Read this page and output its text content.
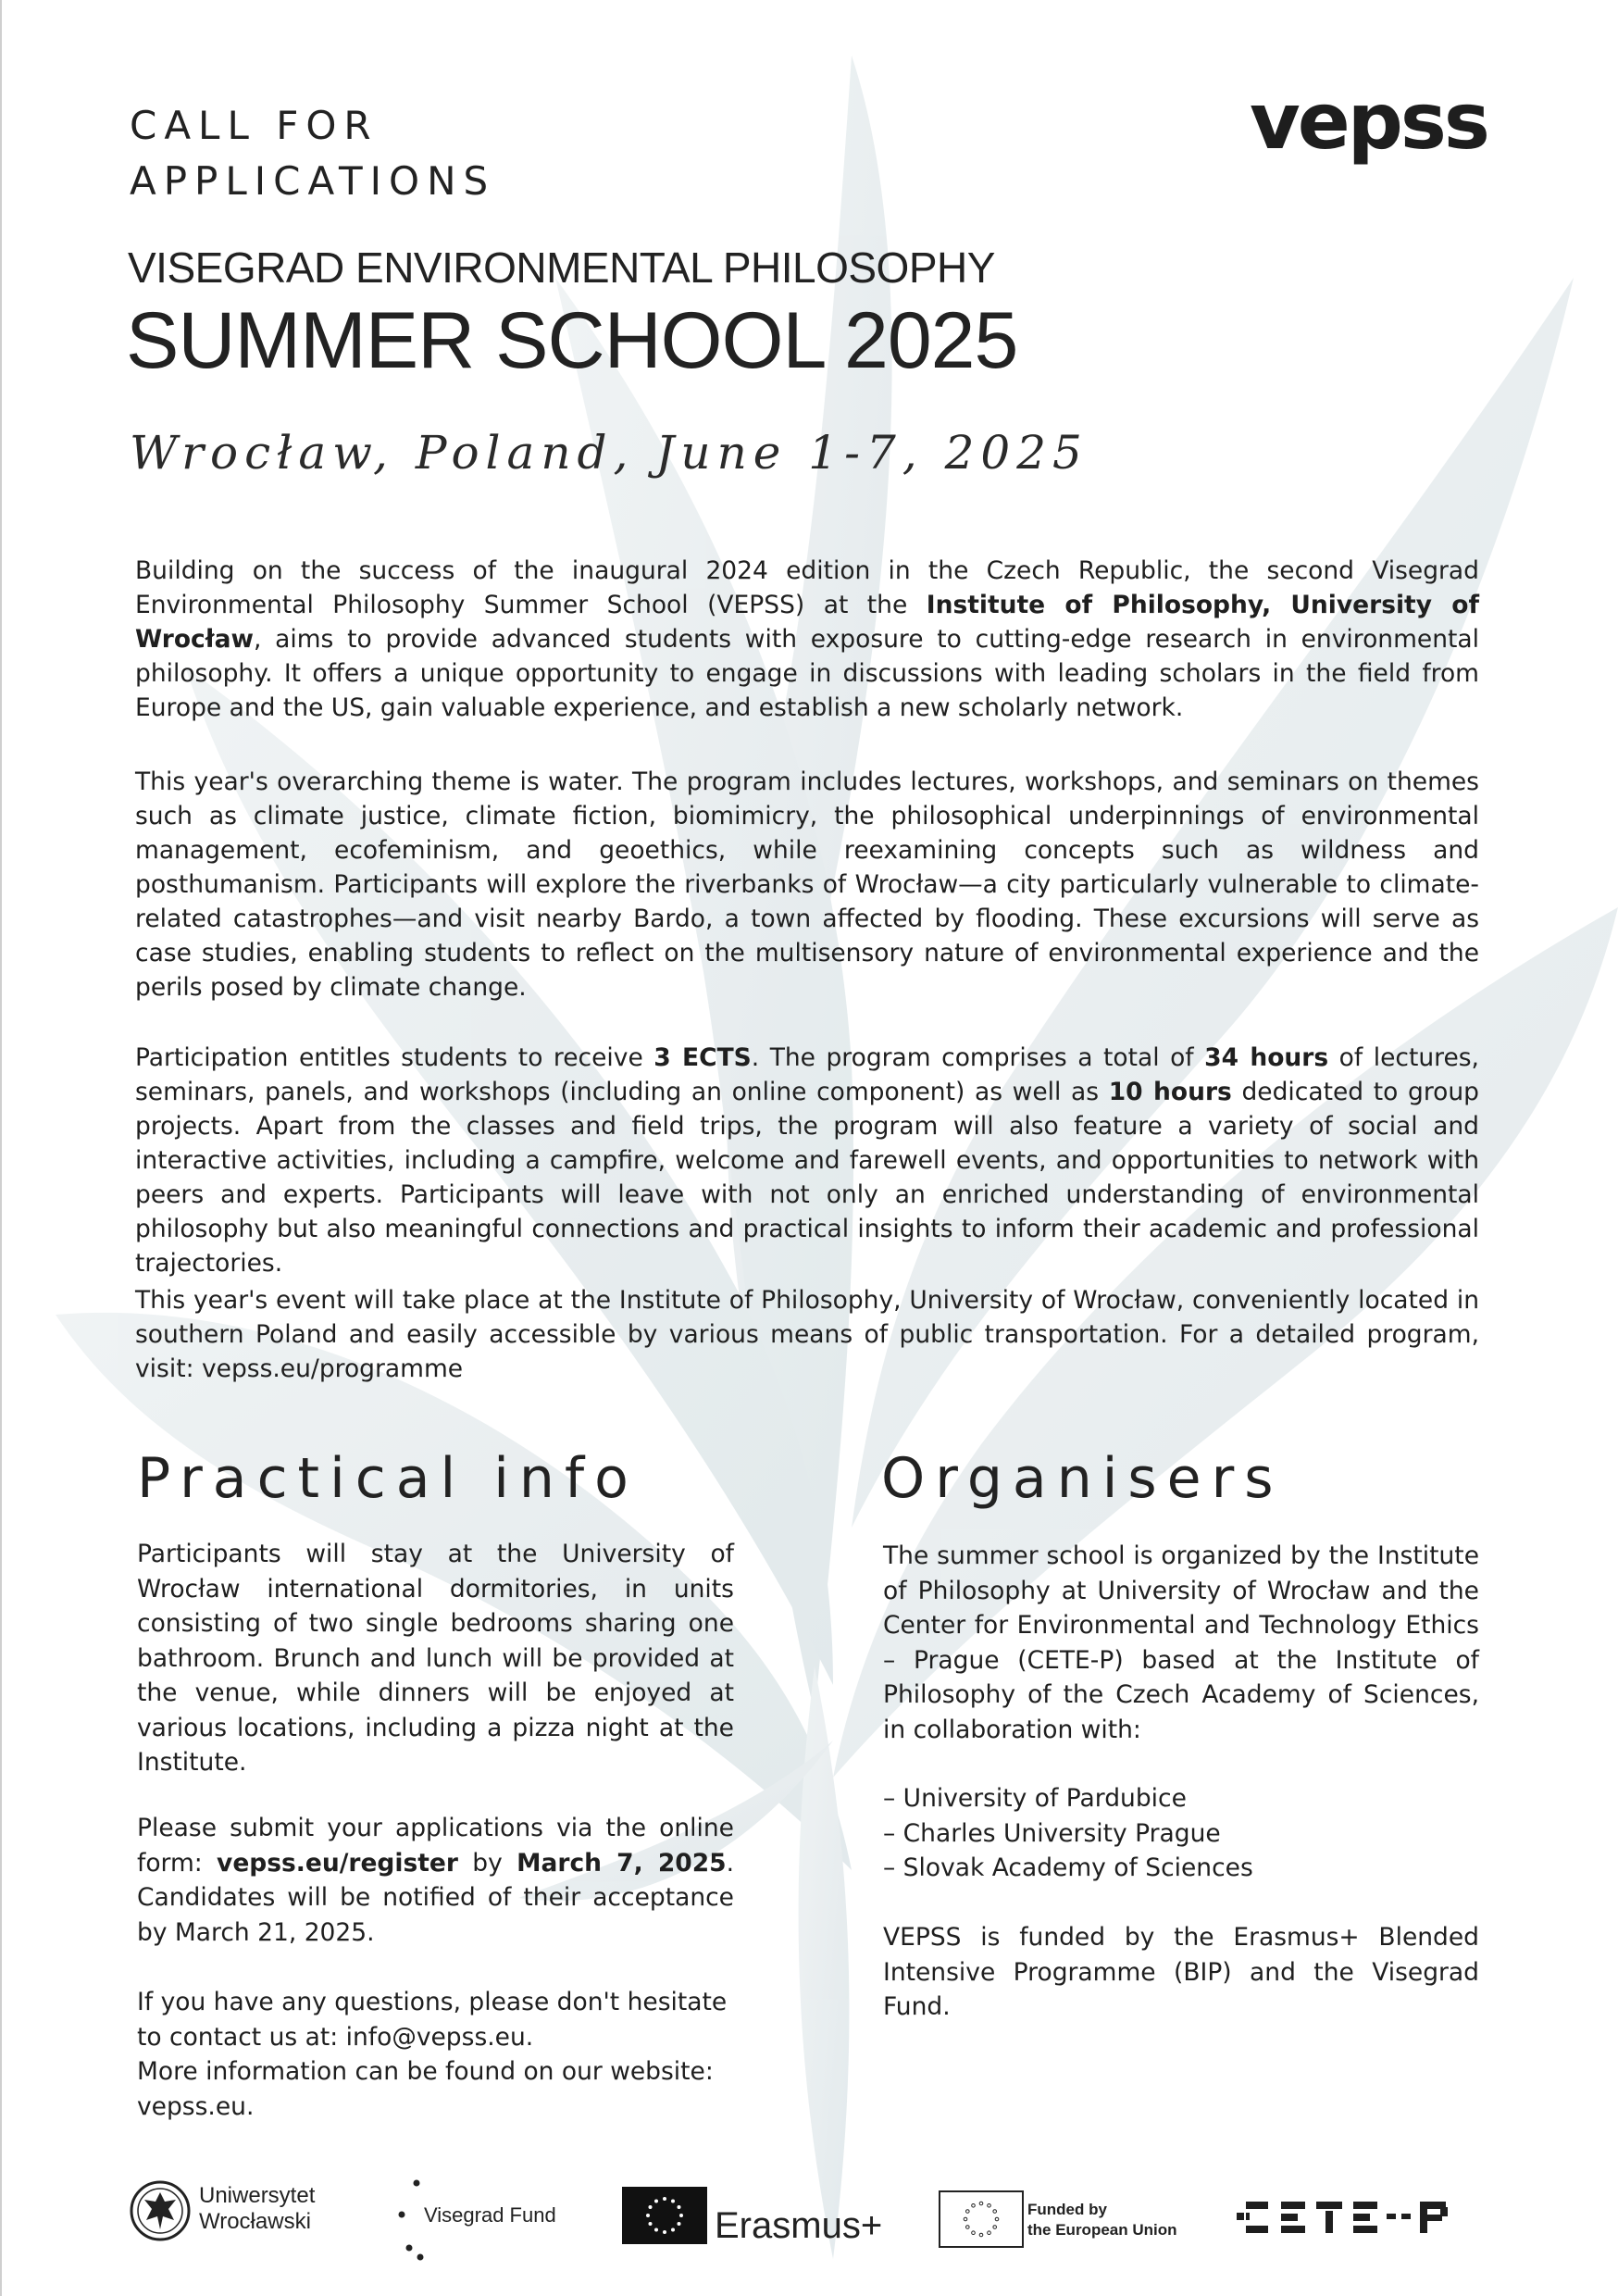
CALL FOR
APPLICATIONS
vepss
VISEGRAD ENVIRONMENTAL PHILOSOPHY
SUMMER SCHOOL 2025
Wrocław, Poland, June 1-7, 2025
Building on the success of the inaugural 2024 edition in the Czech Republic, the second Visegrad Environmental Philosophy Summer School (VEPSS) at the Institute of Philosophy, University of Wrocław, aims to provide advanced students with exposure to cutting-edge research in environmental philosophy. It offers a unique opportunity to engage in discussions with leading scholars in the field from Europe and the US, gain valuable experience, and establish a new scholarly network.
This year's overarching theme is water. The program includes lectures, workshops, and seminars on themes such as climate justice, climate fiction, biomimicry, the philosophical underpinnings of environmental management, ecofeminism, and geoethics, while reexamining concepts such as wildness and posthumanism. Participants will explore the riverbanks of Wrocław—a city particularly vulnerable to climate-related catastrophes—and visit nearby Bardo, a town affected by flooding. These excursions will serve as case studies, enabling students to reflect on the multisensory nature of environmental experience and the perils posed by climate change.
Participation entitles students to receive 3 ECTS. The program comprises a total of 34 hours of lectures, seminars, panels, and workshops (including an online component) as well as 10 hours dedicated to group projects. Apart from the classes and field trips, the program will also feature a variety of social and interactive activities, including a campfire, welcome and farewell events, and opportunities to network with peers and experts. Participants will leave with not only an enriched understanding of environmental philosophy but also meaningful connections and practical insights to inform their academic and professional trajectories.
This year's event will take place at the Institute of Philosophy, University of Wrocław, conveniently located in southern Poland and easily accessible by various means of public transportation. For a detailed program, visit: vepss.eu/programme
Practical info	Organisers
Participants will stay at the University of Wrocław international dormitories, in units consisting of two single bedrooms sharing one bathroom. Brunch and lunch will be provided at the venue, while dinners will be enjoyed at various locations, including a pizza night at the Institute.
Please submit your applications via the online form: vepss.eu/register by March 7, 2025. Candidates will be notified of their acceptance by March 21, 2025.
If you have any questions, please don't hesitate to contact us at: info@vepss.eu.
More information can be found on our website: vepss.eu.
The summer school is organized by the Institute of Philosophy at University of Wrocław and the Center for Environmental and Technology Ethics – Prague (CETE-P) based at the Institute of Philosophy of the Czech Academy of Sciences, in collaboration with:
– University of Pardubice
– Charles University Prague
– Slovak Academy of Sciences
VEPSS is funded by the Erasmus+ Blended Intensive Programme (BIP) and the Visegrad Fund.
Uniwersytet
Wrocławski	Visegrad Fund	Erasmus+	Funded by
the European Union
